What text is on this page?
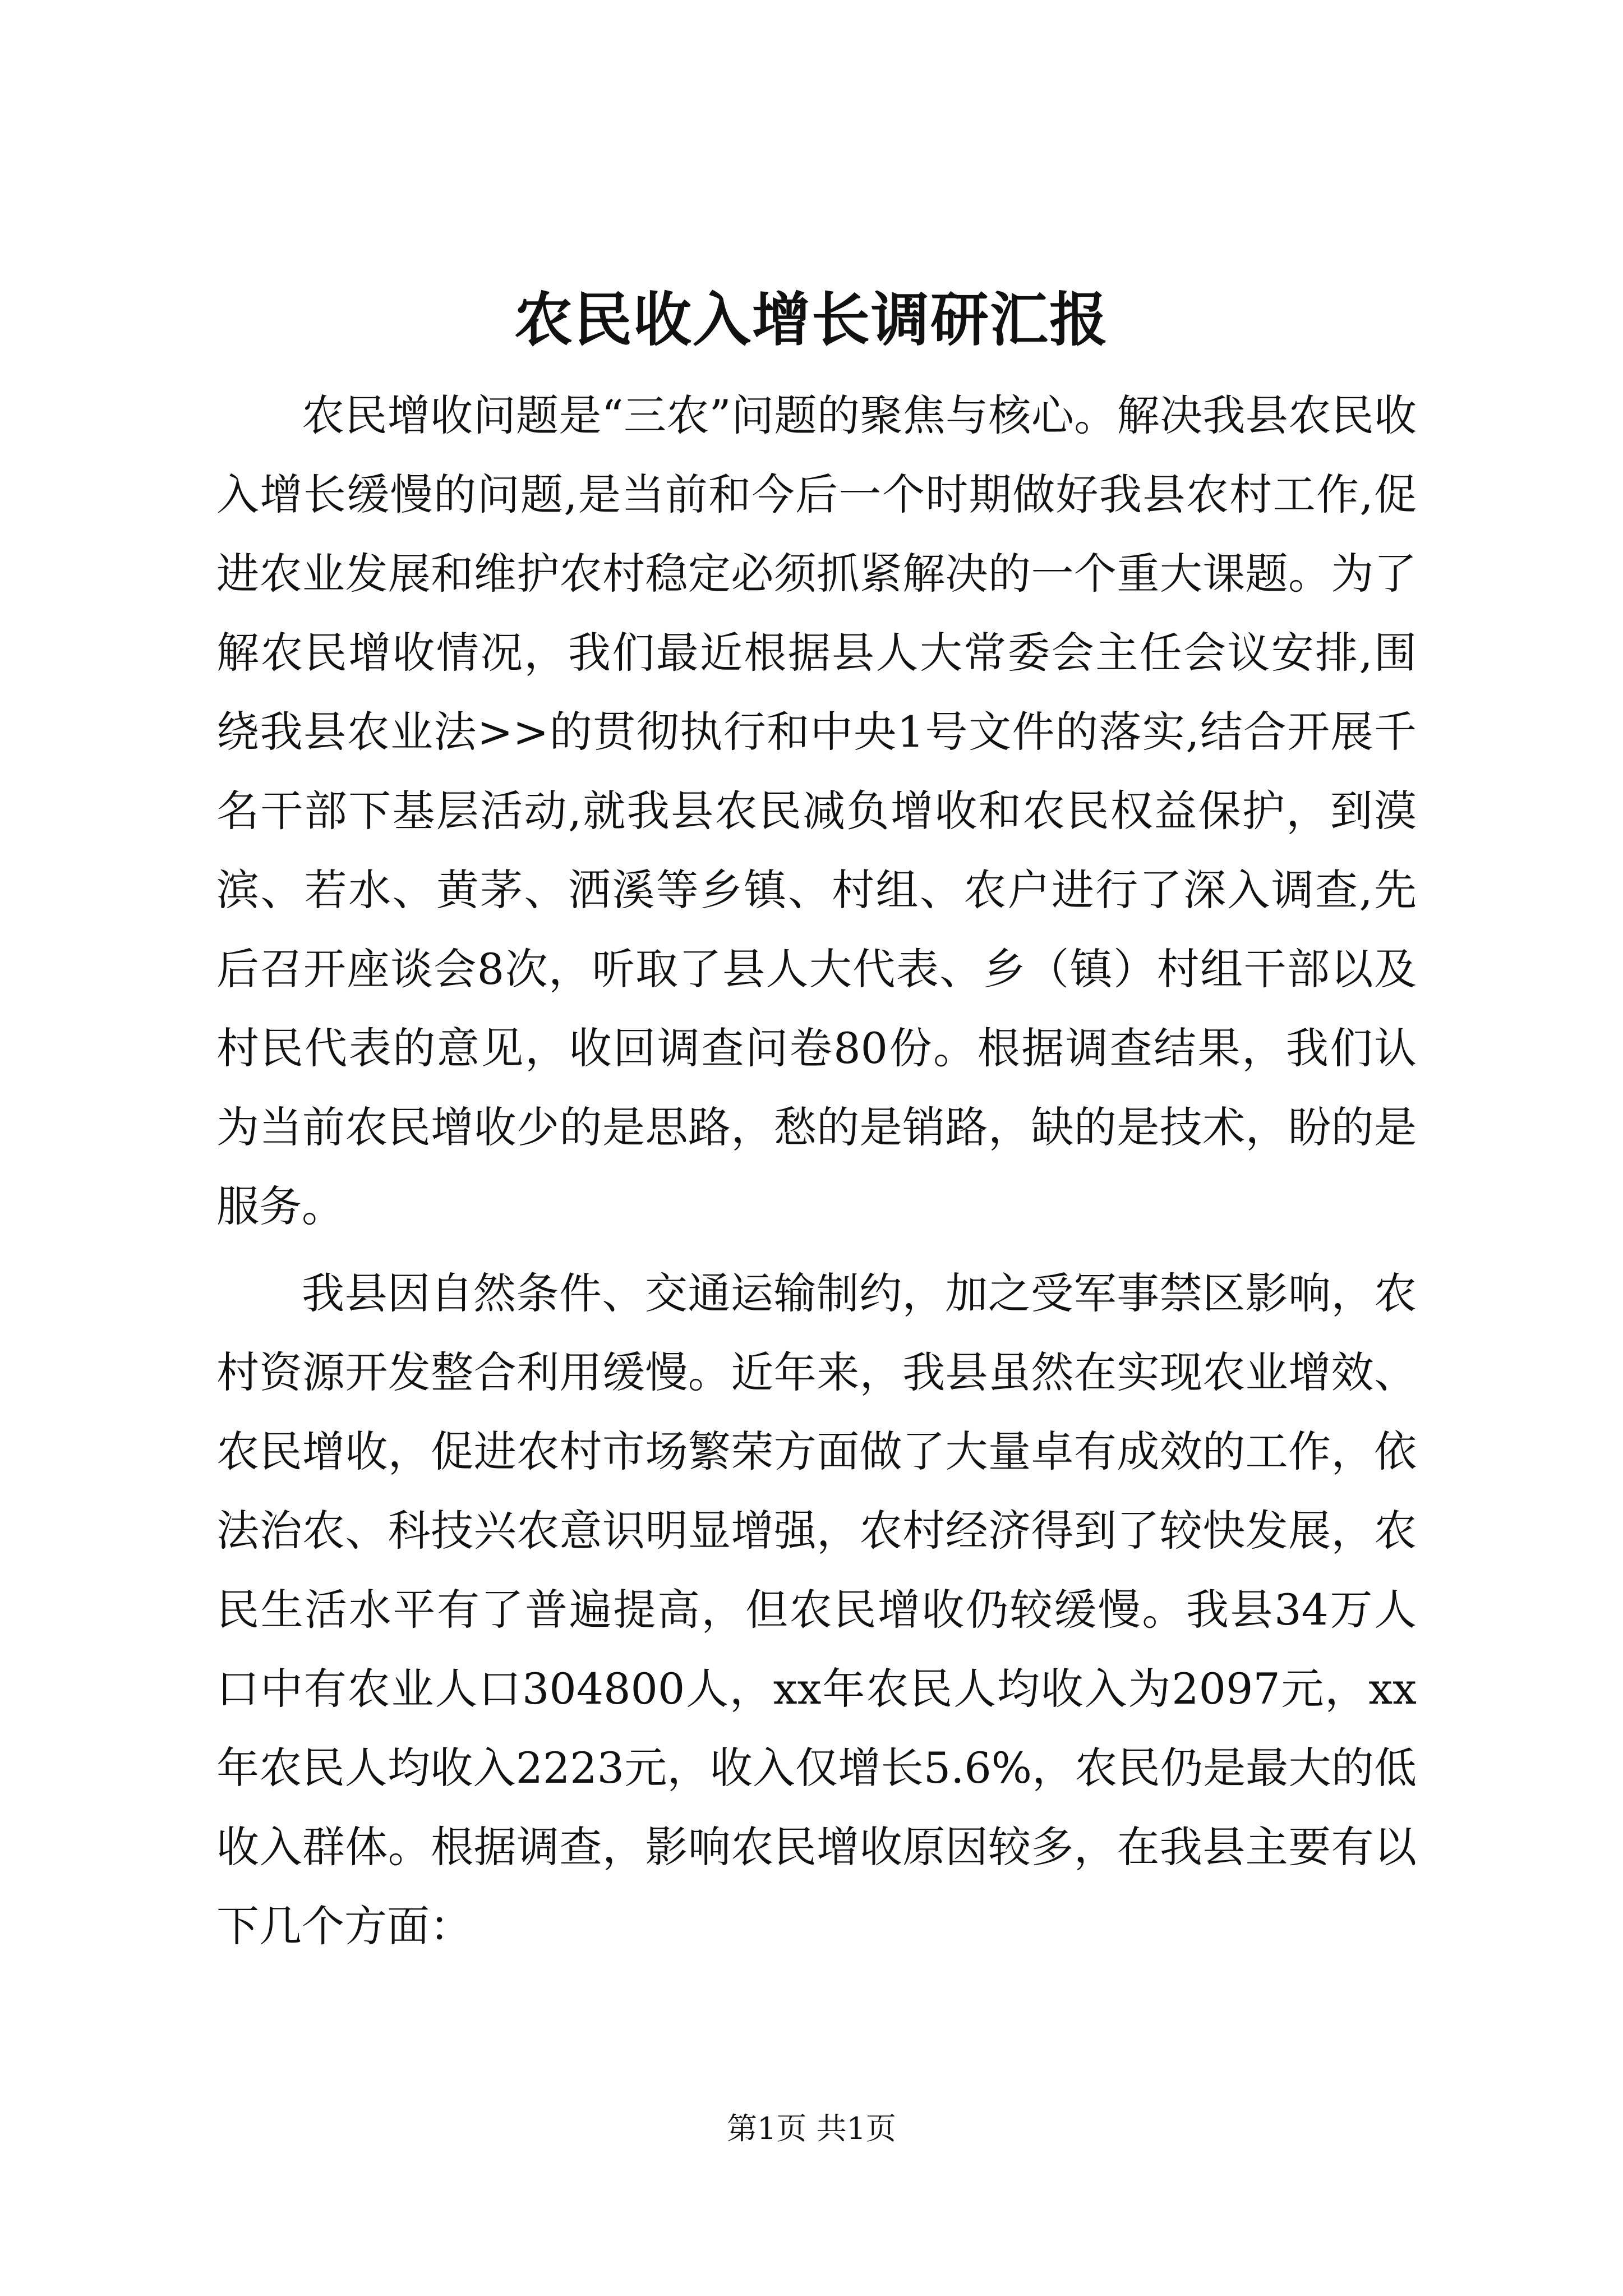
农民收入增长调研汇报

农民增收问题是“三农”问题的聚焦与核心。解决我县农民收入增长缓慢的问题,是当前和今后一个时期做好我县农村工作,促进农业发展和维护农村稳定必须抓紧解决的一个重大课题。为了解农民增收情况，我们最近根据县人大常委会主任会议安排,围绕我县农业法>>的贯彻执行和中央1号文件的落实,结合开展千名干部下基层活动,就我县农民减负增收和农民权益保护，到漠滨、若水、黄茅、洒溪等乡镇、村组、农户进行了深入调查,先后召开座谈会8次，听取了县人大代表、乡（镇）村组干部以及村民代表的意见，收回调查问卷80份。根据调查结果，我们认为当前农民增收少的是思路，愁的是销路，缺的是技术，盼的是服务。

我县因自然条件、交通运输制约，加之受军事禁区影响，农村资源开发整合利用缓慢。近年来，我县虽然在实现农业增效、农民增收，促进农村市场繁荣方面做了大量卓有成效的工作，依法治农、科技兴农意识明显增强，农村经济得到了较快发展，农民生活水平有了普遍提高，但农民增收仍较缓慢。我县34万人口中有农业人口304800人，xx年农民人均收入为2097元，xx年农民人均收入2223元，收入仅增长5.6%，农民仍是最大的低收入群体。根据调查，影响农民增收原因较多，在我县主要有以下几个方面：

第1页 共1页
